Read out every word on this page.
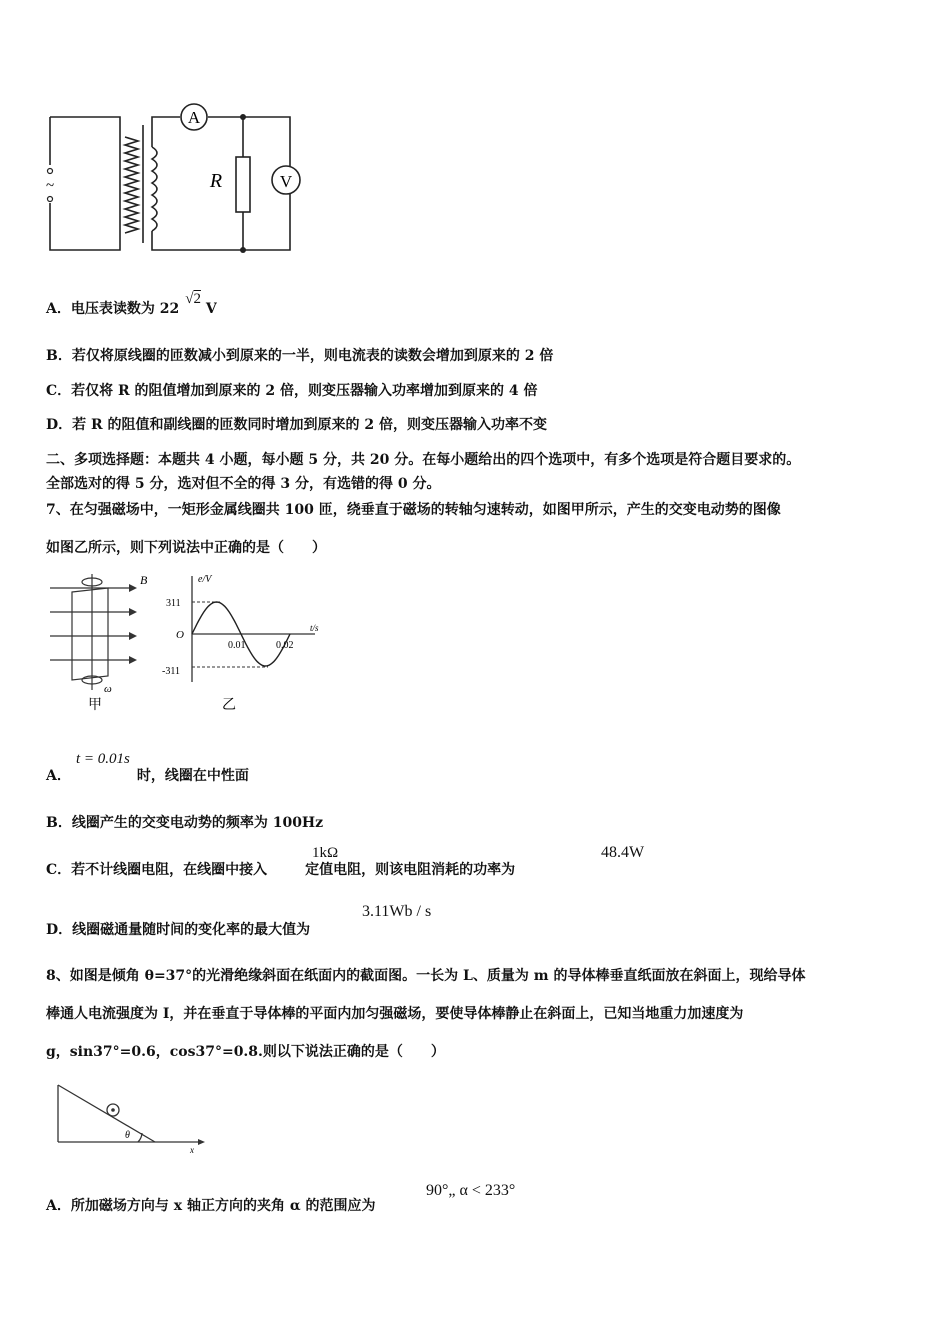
~
A
R	V
A．电压表读数为 22√2 V
B．若仅将原线圈的匝数减小到原来的一半，则电流表的读数会增加到原来的 2 倍
C．若仅将 R 的阻值增加到原来的 2 倍，则变压器输入功率增加到原来的 4 倍
D．若 R 的阻值和副线圈的匝数同时增加到原来的 2 倍，则变压器输入功率不变
二、多项选择题：本题共 4 小题，每小题 5 分，共 20 分。在每小题给出的四个选项中，有多个选项是符合题目要求的。
全部选对的得 5 分，选对但不全的得 3 分，有选错的得 0 分。
7、在匀强磁场中，一矩形金属线圈共 100 匝，绕垂直于磁场的转轴匀速转动，如图甲所示，产生的交变电动势的图像
如图乙所示，则下列说法中正确的是（　　）
B
ω
甲
e/V
t/s
O
311
-311
0.01	0.02
乙
A．
t = 0.01s
时，线圈在中性面
B．线圈产生的交变电动势的频率为 100Hz
C．若不计线圈电阻，在线圈中接入
1kΩ
定值电阻，则该电阻消耗的功率为
48.4W
D．线圈磁通量随时间的变化率的最大值为
3.11Wb / s
8、如图是倾角 θ=37°的光滑绝缘斜面在纸面内的截面图。一长为 L、质量为 m 的导体棒垂直纸面放在斜面上，现给导体
棒通人电流强度为 I，并在垂直于导体棒的平面内加匀强磁场，要使导体棒静止在斜面上，已知当地重力加速度为
g，sin37°=0.6，cos37°=0.8.则以下说法正确的是（　　）
θ
x
A．所加磁场方向与 x 轴正方向的夹角 α 的范围应为
90°„ α < 233°
